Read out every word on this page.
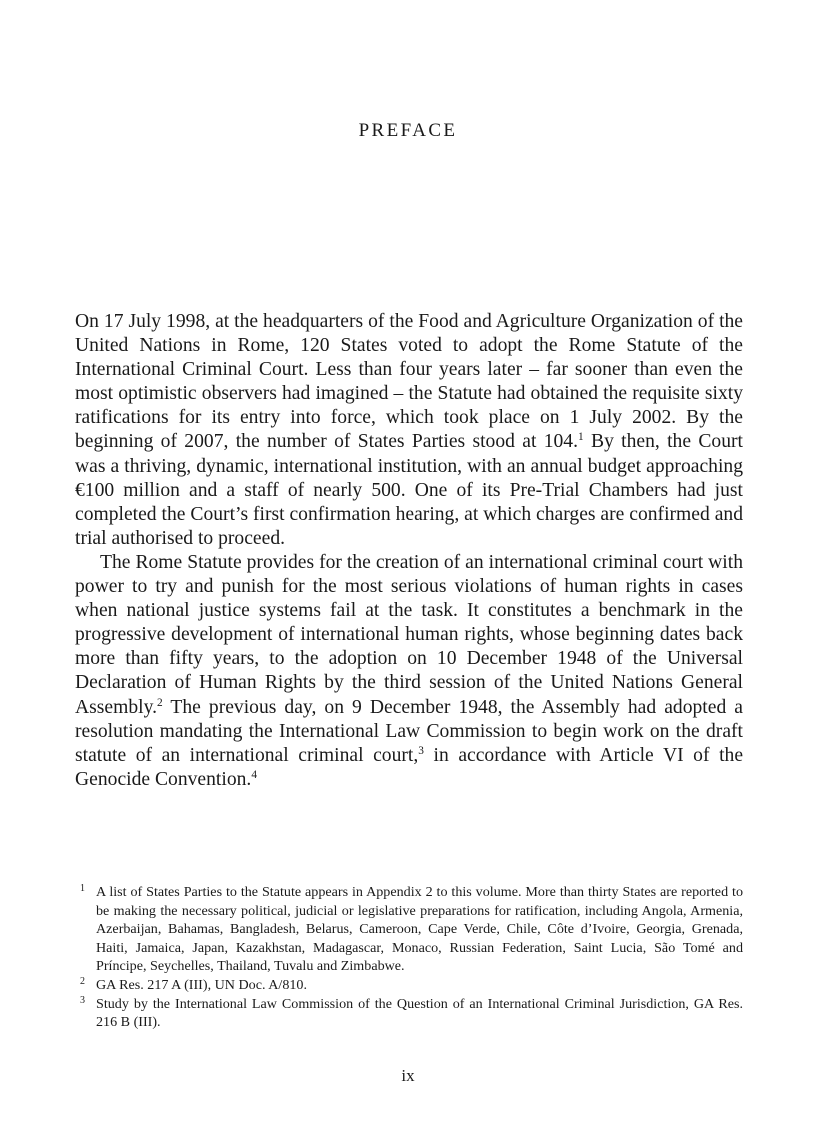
PREFACE

On 17 July 1998, at the headquarters of the Food and Agriculture Organization of the United Nations in Rome, 120 States voted to adopt the Rome Statute of the International Criminal Court. Less than four years later – far sooner than even the most optimistic observers had imagined – the Statute had obtained the requisite sixty ratifications for its entry into force, which took place on 1 July 2002. By the beginning of 2007, the number of States Parties stood at 104.$^1$ By then, the Court was a thriving, dynamic, international institution, with an annual budget approaching €100 million and a staff of nearly 500. One of its Pre-Trial Chambers had just completed the Court’s first confirmation hearing, at which charges are confirmed and trial authorised to proceed.

The Rome Statute provides for the creation of an international criminal court with power to try and punish for the most serious violations of human rights in cases when national justice systems fail at the task. It constitutes a benchmark in the progressive development of international human rights, whose beginning dates back more than fifty years, to the adoption on 10 December 1948 of the Universal Declaration of Human Rights by the third session of the United Nations General Assembly.$^2$ The previous day, on 9 December 1948, the Assembly had adopted a resolution mandating the International Law Commission to begin work on the draft statute of an international criminal court,$^3$ in accordance with Article VI of the Genocide Convention.$^4$

1 A list of States Parties to the Statute appears in Appendix 2 to this volume. More than thirty States are reported to be making the necessary political, judicial or legislative preparations for ratification, including Angola, Armenia, Azerbaijan, Bahamas, Bangladesh, Belarus, Cameroon, Cape Verde, Chile, Côte d’Ivoire, Georgia, Grenada, Haiti, Jamaica, Japan, Kazakhstan, Madagascar, Monaco, Russian Federation, Saint Lucia, São Tomé and Príncipe, Seychelles, Thailand, Tuvalu and Zimbabwe.

2 GA Res. 217 A (III), UN Doc. A/810.

3 Study by the International Law Commission of the Question of an International Criminal Jurisdiction, GA Res. 216 B (III).

ix
